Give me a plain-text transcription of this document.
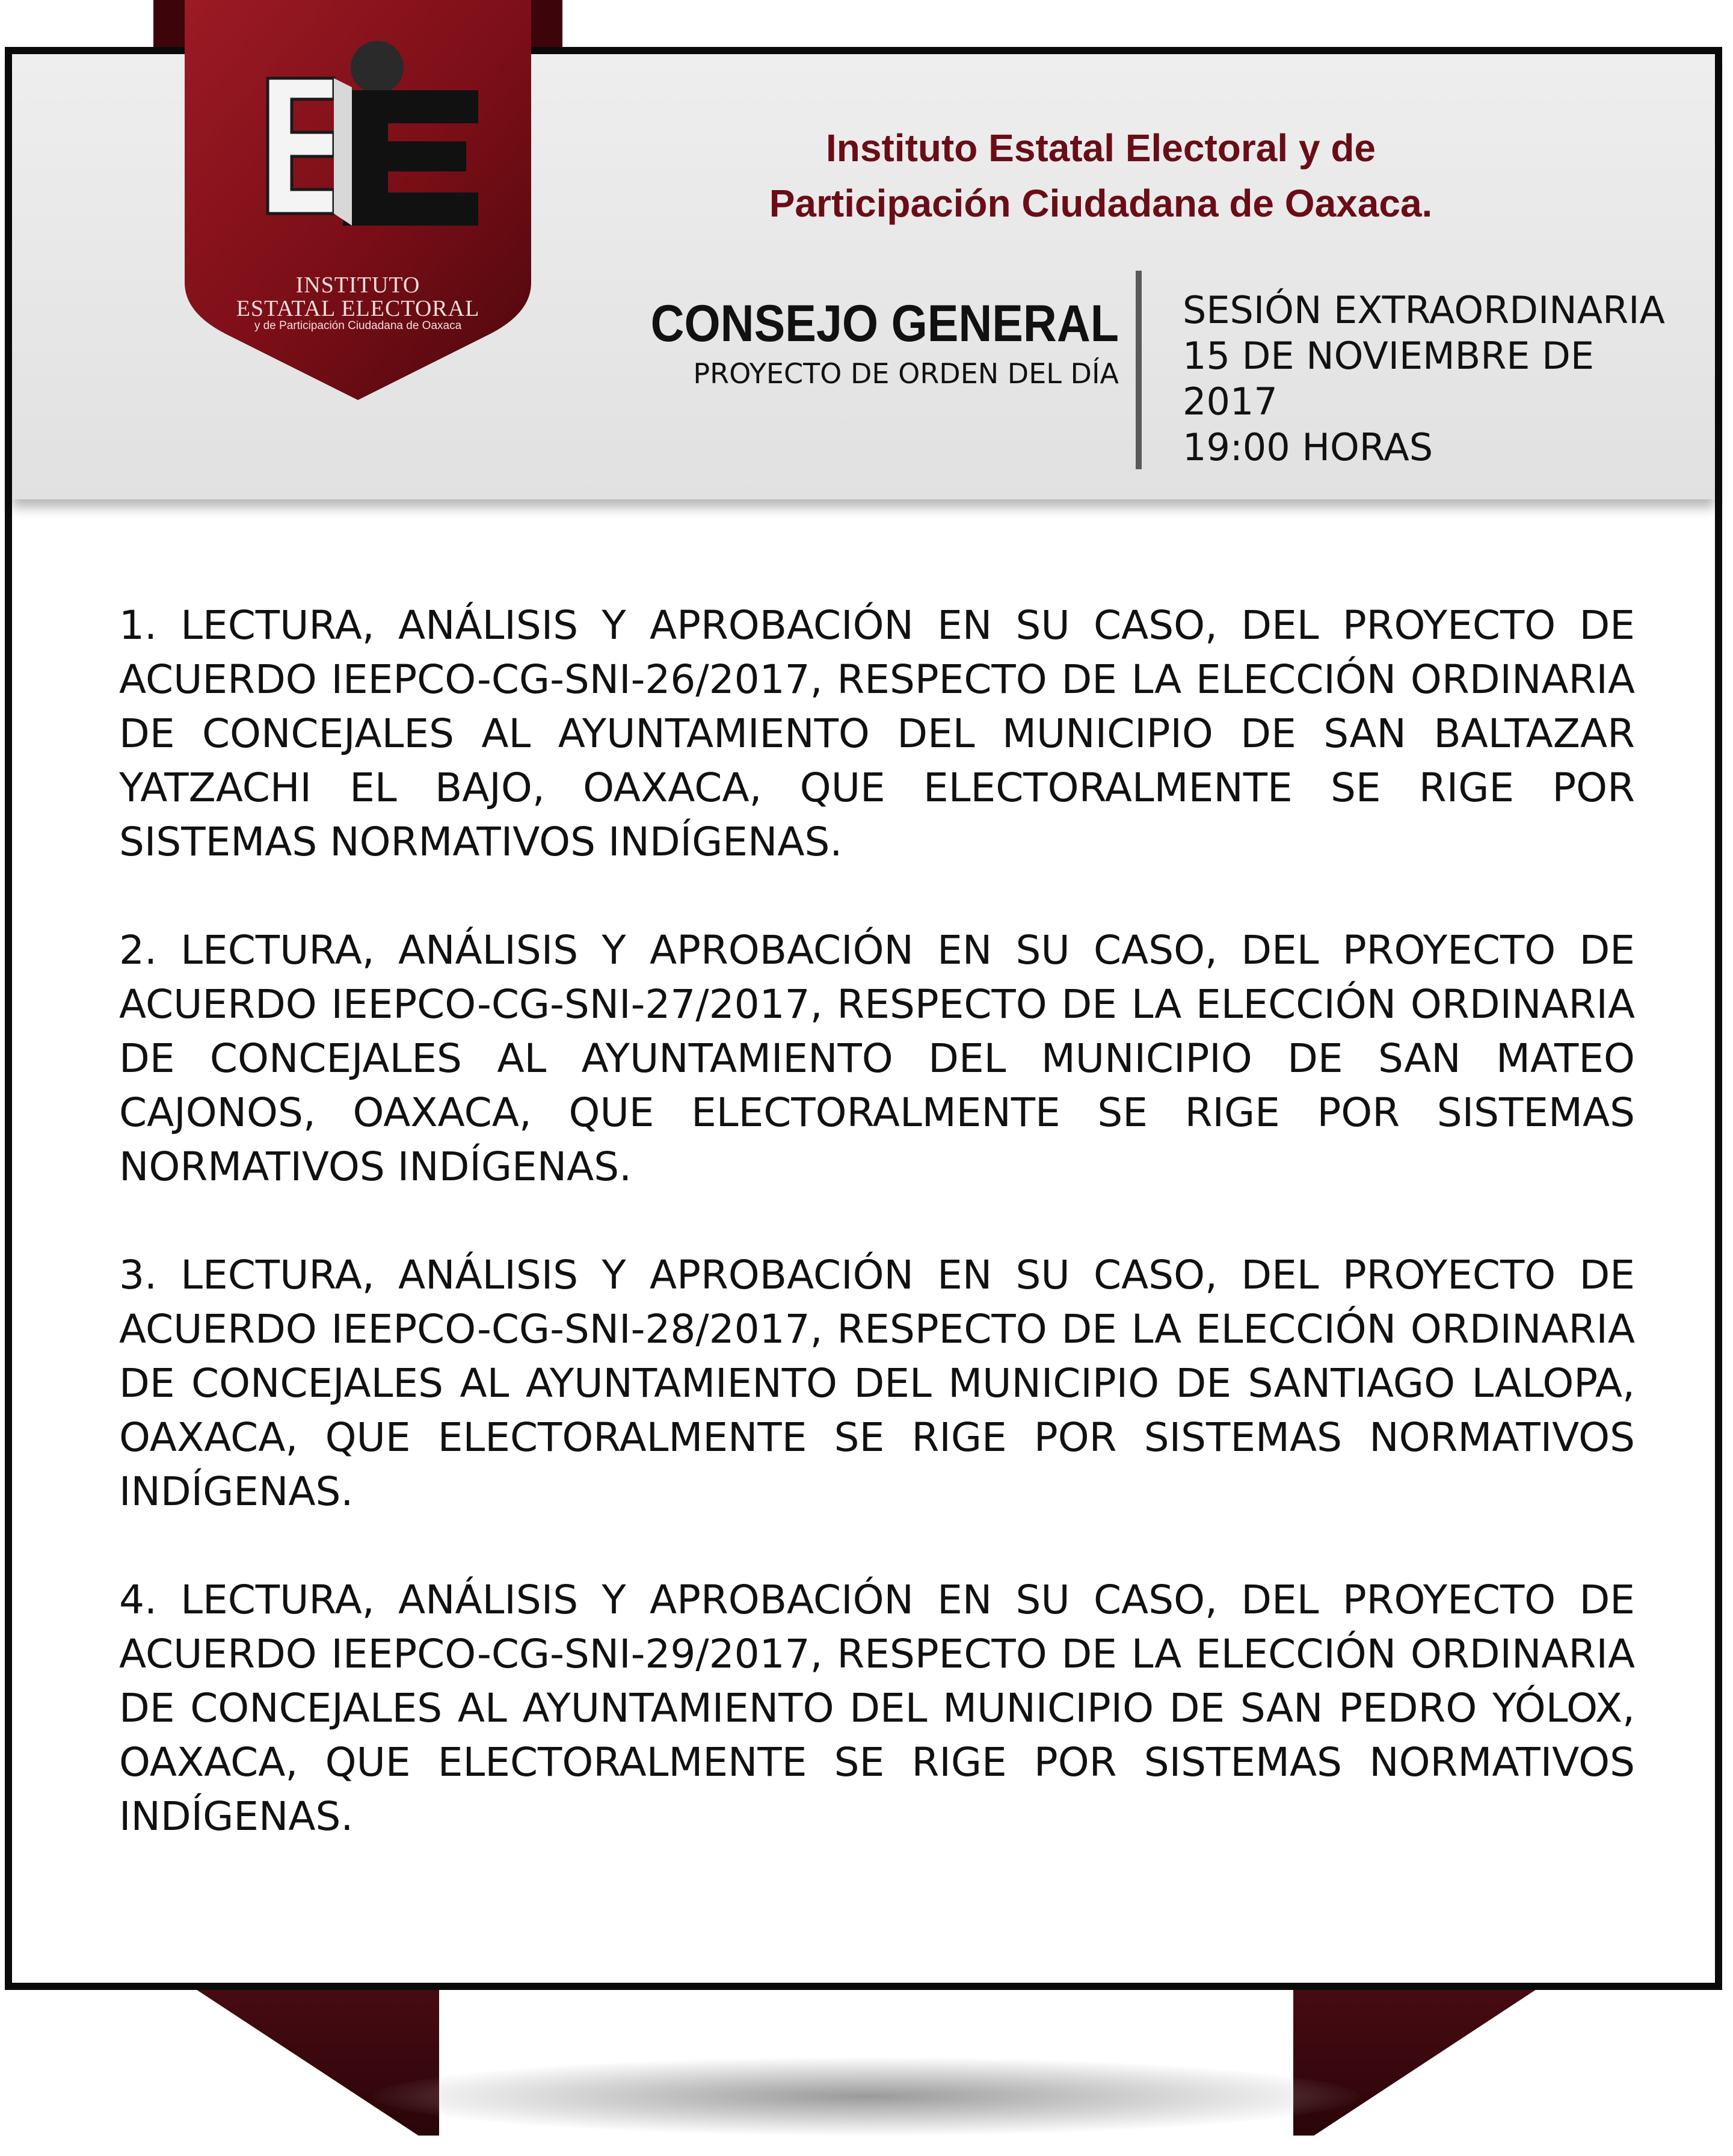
Instituto Estatal Electoral y de
Participación Ciudadana de Oaxaca.
CONSEJO GENERAL
PROYECTO DE ORDEN DEL DÍA
SESIÓN EXTRAORDINARIA
15 DE NOVIEMBRE DE 2017
19:00 HORAS

1. LECTURA, ANÁLISIS Y APROBACIÓN EN SU CASO, DEL PROYECTO DE ACUERDO IEEPCO-CG-SNI-26/2017, RESPECTO DE LA ELECCIÓN ORDINARIA DE CONCEJALES AL AYUNTAMIENTO DEL MUNICIPIO DE SAN BALTAZAR YATZACHI EL BAJO, OAXACA, QUE ELECTORALMENTE SE RIGE POR SISTEMAS NORMATIVOS INDÍGENAS.

2. LECTURA, ANÁLISIS Y APROBACIÓN EN SU CASO, DEL PROYECTO DE ACUERDO IEEPCO-CG-SNI-27/2017, RESPECTO DE LA ELECCIÓN ORDINARIA DE CONCEJALES AL AYUNTAMIENTO DEL MUNICIPIO DE SAN MATEO CAJONOS, OAXACA, QUE ELECTORALMENTE SE RIGE POR SISTEMAS NORMATIVOS INDÍGENAS.

3. LECTURA, ANÁLISIS Y APROBACIÓN EN SU CASO, DEL PROYECTO DE ACUERDO IEEPCO-CG-SNI-28/2017, RESPECTO DE LA ELECCIÓN ORDINARIA DE CONCEJALES AL AYUNTAMIENTO DEL MUNICIPIO DE SANTIAGO LALOPA, OAXACA, QUE ELECTORALMENTE SE RIGE POR SISTEMAS NORMATIVOS INDÍGENAS.

4. LECTURA, ANÁLISIS Y APROBACIÓN EN SU CASO, DEL PROYECTO DE ACUERDO IEEPCO-CG-SNI-29/2017, RESPECTO DE LA ELECCIÓN ORDINARIA DE CONCEJALES AL AYUNTAMIENTO DEL MUNICIPIO DE SAN PEDRO YÓLOX, OAXACA, QUE ELECTORALMENTE SE RIGE POR SISTEMAS NORMATIVOS INDÍGENAS.

INSTITUTO
ESTATAL ELECTORAL
y de Participación Ciudadana de Oaxaca
